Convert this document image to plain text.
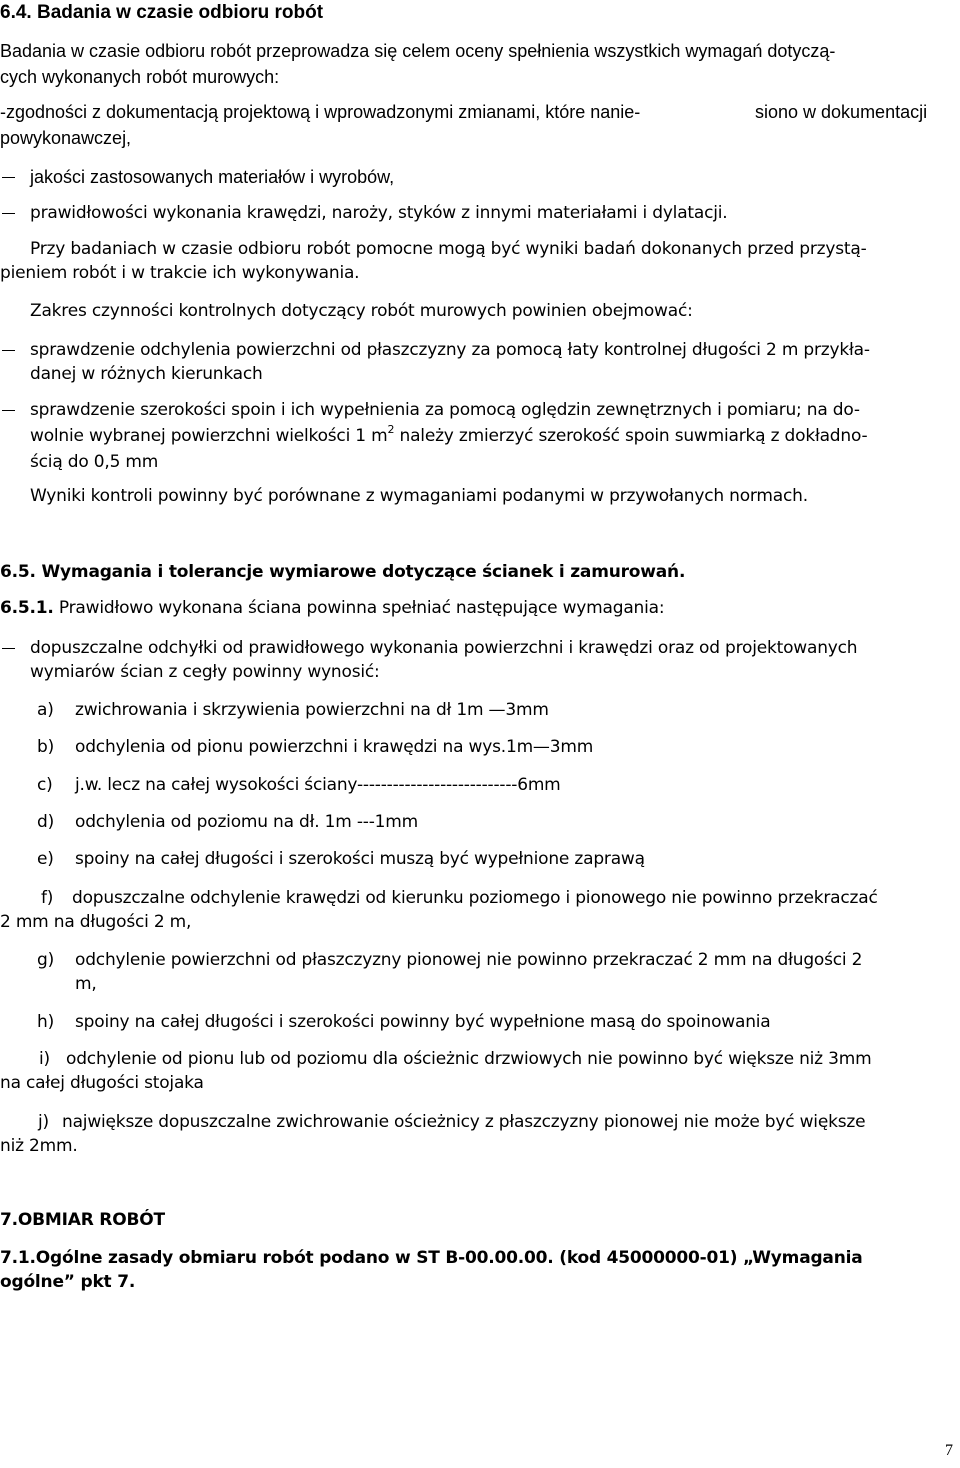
6.4. Badania w czasie odbioru robót
Badania w czasie odbioru robót przeprowadza się celem oceny spełnienia wszystkich wymagań dotyczą-
cych wykonanych robót murowych:
-zgodności z dokumentacją projektową i wprowadzonymi zmianami, które nanie-	siono w dokumentacji
powykonawczej,
jakości zastosowanych materiałów i wyrobów,
prawidłowości wykonania krawędzi, naroży, styków z innymi materiałami i dylatacji.
Przy badaniach w czasie odbioru robót pomocne mogą być wyniki badań dokonanych przed przystą-
pieniem robót i w trakcie ich wykonywania.
Zakres czynności kontrolnych dotyczący robót murowych powinien obejmować:
sprawdzenie odchylenia powierzchni od płaszczyzny za pomocą łaty kontrolnej długości 2 m przykła-
danej w różnych kierunkach
sprawdzenie szerokości spoin i ich wypełnienia za pomocą oględzin zewnętrznych i pomiaru; na do-
wolnie wybranej powierzchni wielkości 1 $m^2$ należy zmierzyć szerokość spoin suwmiarką z dokładno-
ścią do 0,5 mm
Wyniki kontroli powinny być porównane z wymaganiami podanymi w przywołanych normach.
6.5. Wymagania i tolerancje wymiarowe dotyczące ścianek i zamurowań.
6.5.1. Prawidłowo wykonana ściana powinna spełniać następujące wymagania:
dopuszczalne odchyłki od prawidłowego wykonania powierzchni i krawędzi oraz od projektowanych
wymiarów ścian z cegły powinny wynosić:
a) zwichrowania i skrzywienia powierzchni na dł 1m —3mm
b) odchylenia od pionu powierzchni i krawędzi na wys.1m—3mm
c) j.w. lecz na całej wysokości ściany---------------------------6mm
d) odchylenia od poziomu na dł. 1m ---1mm
e) spoiny na całej długości i szerokości muszą być wypełnione zaprawą
f) dopuszczalne odchylenie krawędzi od kierunku poziomego i pionowego nie powinno przekraczać
2 mm na długości 2 m,
g) odchylenie powierzchni od płaszczyzny pionowej nie powinno przekraczać 2 mm na długości 2
m,
h) spoiny na całej długości i szerokości powinny być wypełnione masą do spoinowania
i) odchylenie od pionu lub od poziomu dla ościeżnic drzwiowych nie powinno być większe niż 3mm
na całej długości stojaka
j) największe dopuszczalne zwichrowanie ościeżnicy z płaszczyzny pionowej nie może być większe
niż 2mm.
7.OBMIAR ROBÓT
7.1.Ogólne zasady obmiaru robót podano w ST B-00.00.00. (kod 45000000-01) „Wymagania
ogólne” pkt 7.
7
